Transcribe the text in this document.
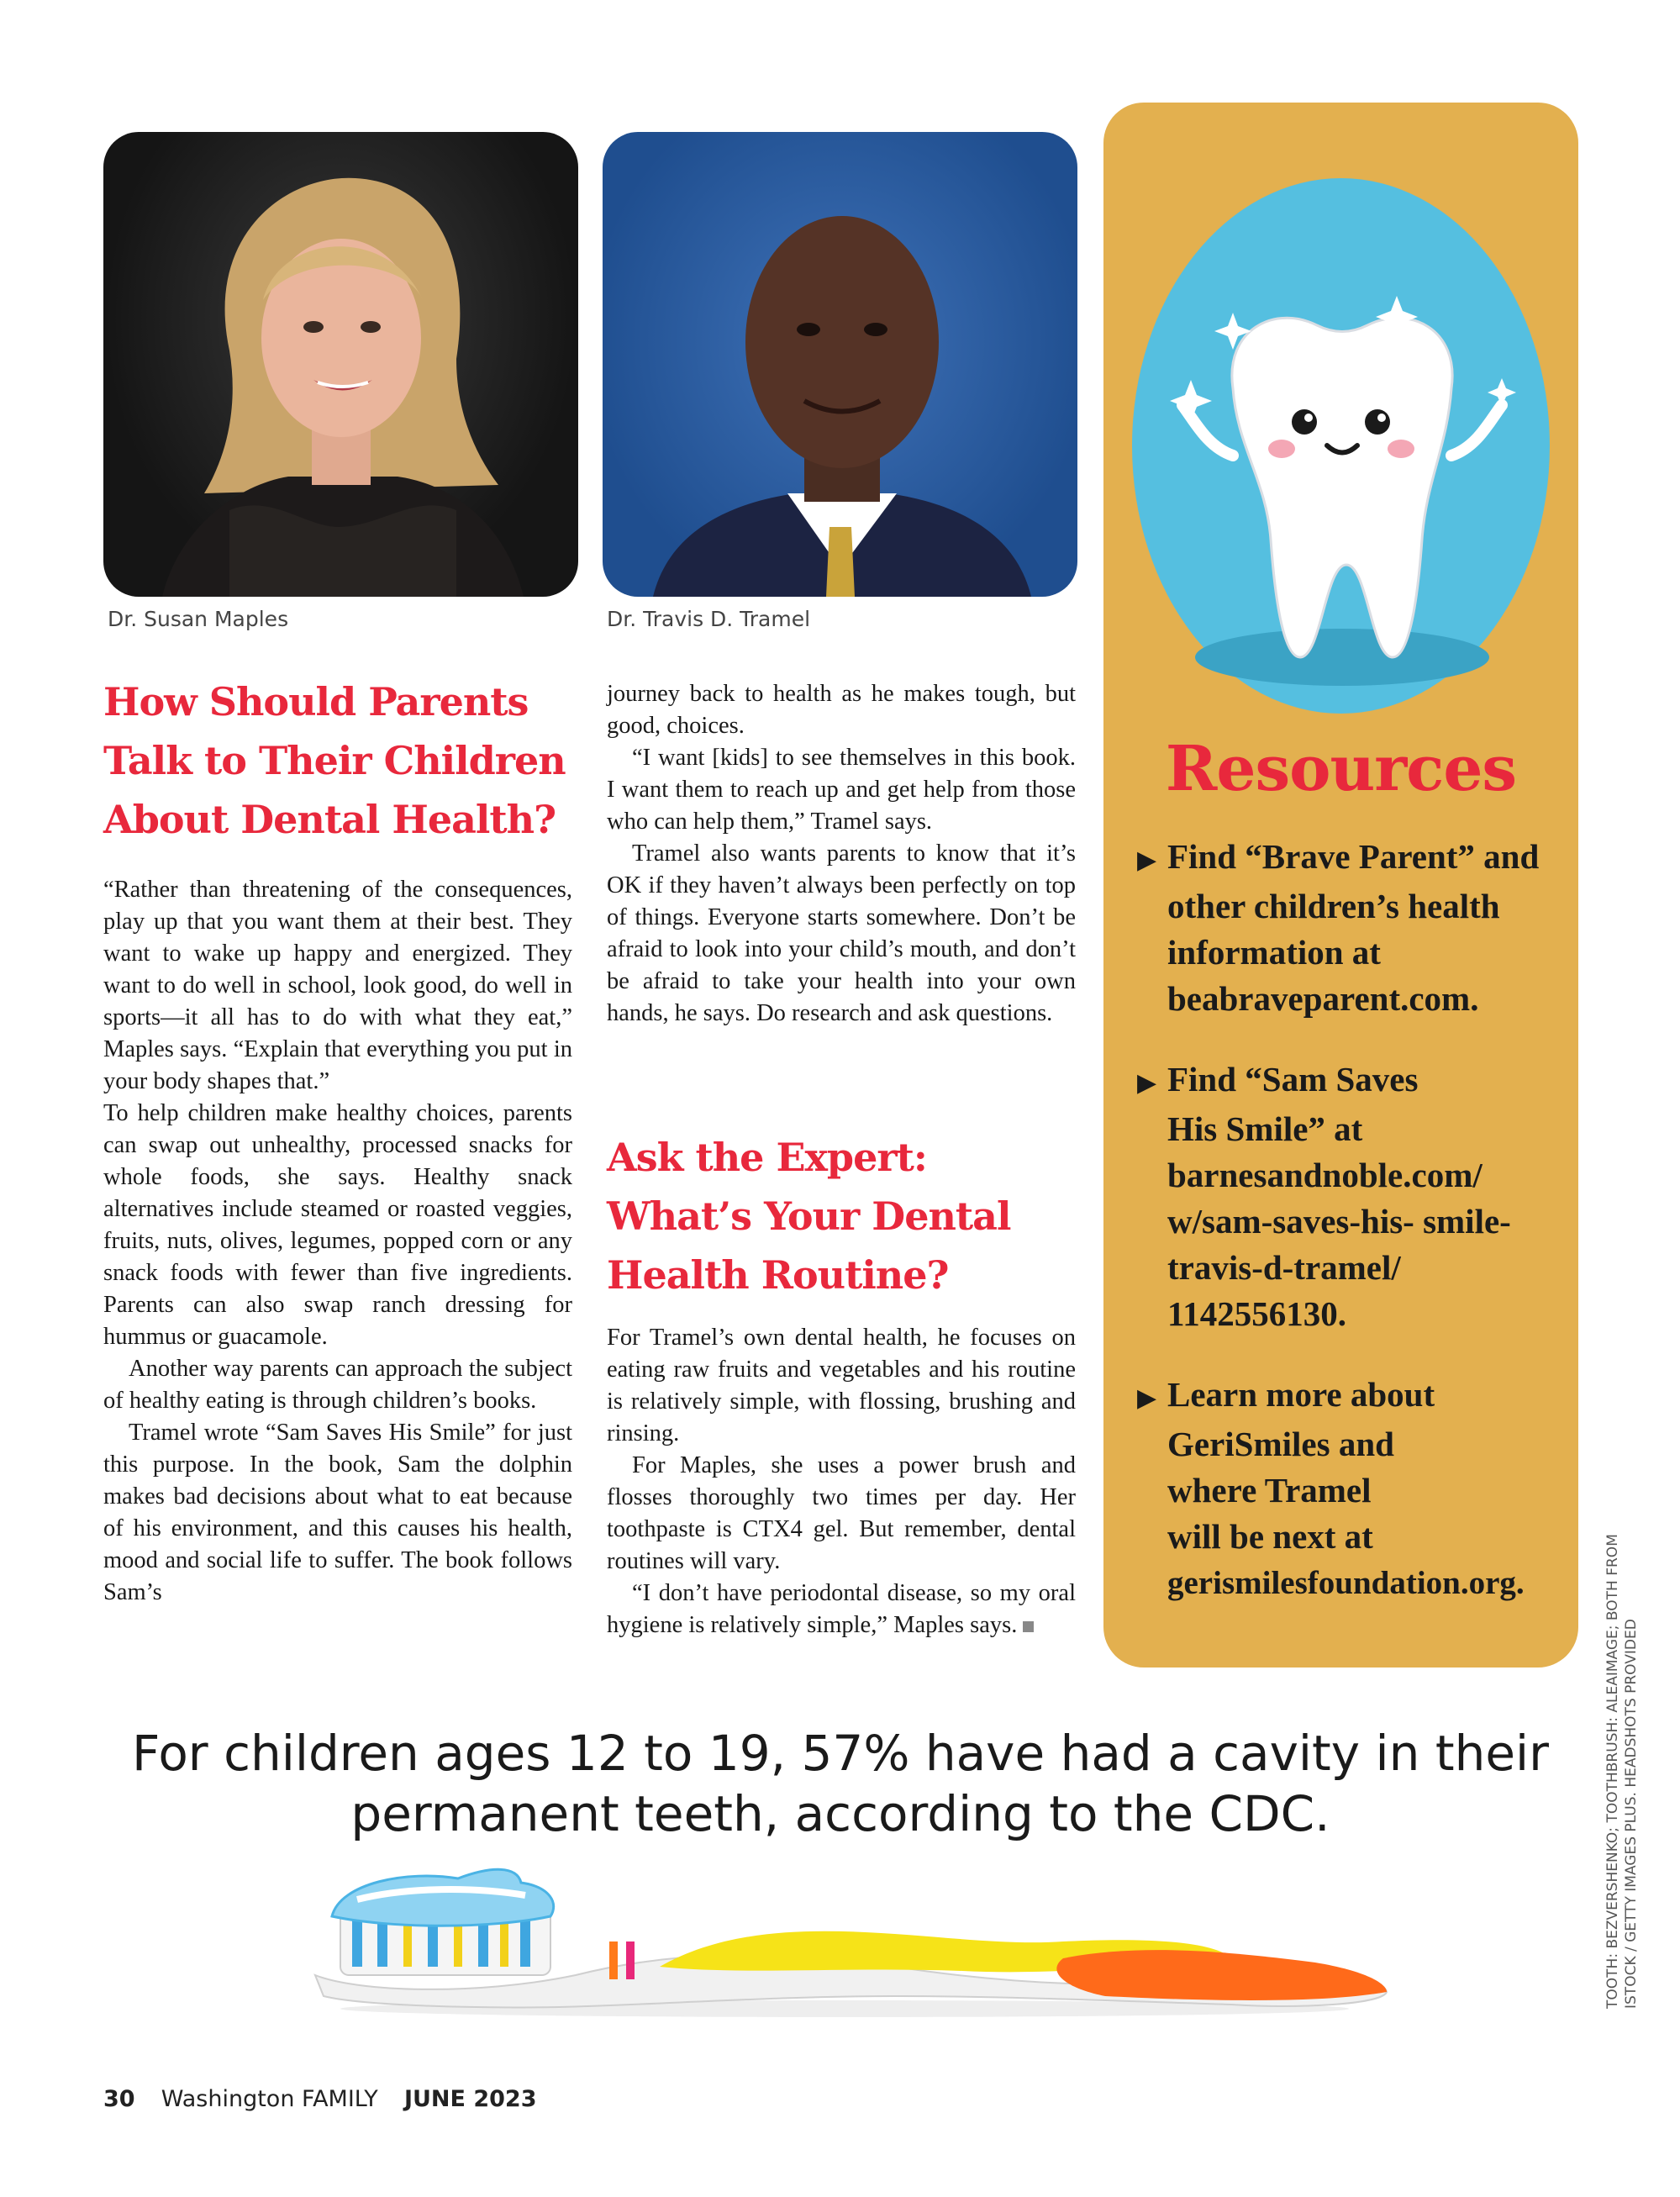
Dr. Susan Maples	Dr. Travis D. Tramel
How Should Parents
Talk to Their Children
About Dental Health?

“Rather than threatening of the consequences, play up that you want them at their best. They want to wake up happy and energized. They want to do well in school, look good, do well in sports—it all has to do with what they eat,” Maples says. “Explain that everything you put in your body shapes that.”

To help children make healthy choices, parents can swap out unhealthy, processed snacks for whole foods, she says. Healthy snack alternatives include steamed or roasted veggies, fruits, nuts, olives, legumes, popped corn or any snack foods with fewer than five ingredients. Parents can also swap ranch dressing for hummus or guacamole.

Another way parents can approach the subject of healthy eating is through children’s books.

Tramel wrote “Sam Saves His Smile” for just this purpose. In the book, Sam the dolphin makes bad decisions about what to eat because of his environment, and this causes his health, mood and social life to suffer. The book follows Sam’s

journey back to health as he makes tough, but good, choices.

“I want [kids] to see themselves in this book. I want them to reach up and get help from those who can help them,” Tramel says.

Tramel also wants parents to know that it’s OK if they haven’t always been perfectly on top of things. Everyone starts somewhere. Don’t be afraid to look into your child’s mouth, and don’t be afraid to take your health into your own hands, he says. Do research and ask questions.

Ask the Expert:
What’s Your Dental
Health Routine?

For Tramel’s own dental health, he focuses on eating raw fruits and vegetables and his routine is relatively simple, with flossing, brushing and rinsing.

For Maples, she uses a power brush and flosses thoroughly two times per day. Her toothpaste is CTX4 gel. But remember, dental routines will vary.

“I don’t have periodontal disease, so my oral hygiene is relatively simple,” Maples says.

Resources
▶ Find “Brave Parent” and
other children’s health
information at
beabraveparent.com.
▶ Find “Sam Saves
His Smile” at
barnesandnoble.com/
w/sam-saves-his- smile-
travis-d-tramel/
1142556130.
▶ Learn more about
GeriSmiles and
where Tramel
will be next at
gerismilesfoundation.org.	TOOTH: BEZVERSHENKO; TOOTHBRUSH: ALEAIMAGE; BOTH FROM ISTOCK / GETTY IMAGES PLUS. HEADSHOTS PROVIDED
For children ages 12 to 19, 57% have had a cavity in their
permanent teeth, according to the CDC.
30 Washington FAMILY JUNE 2023
